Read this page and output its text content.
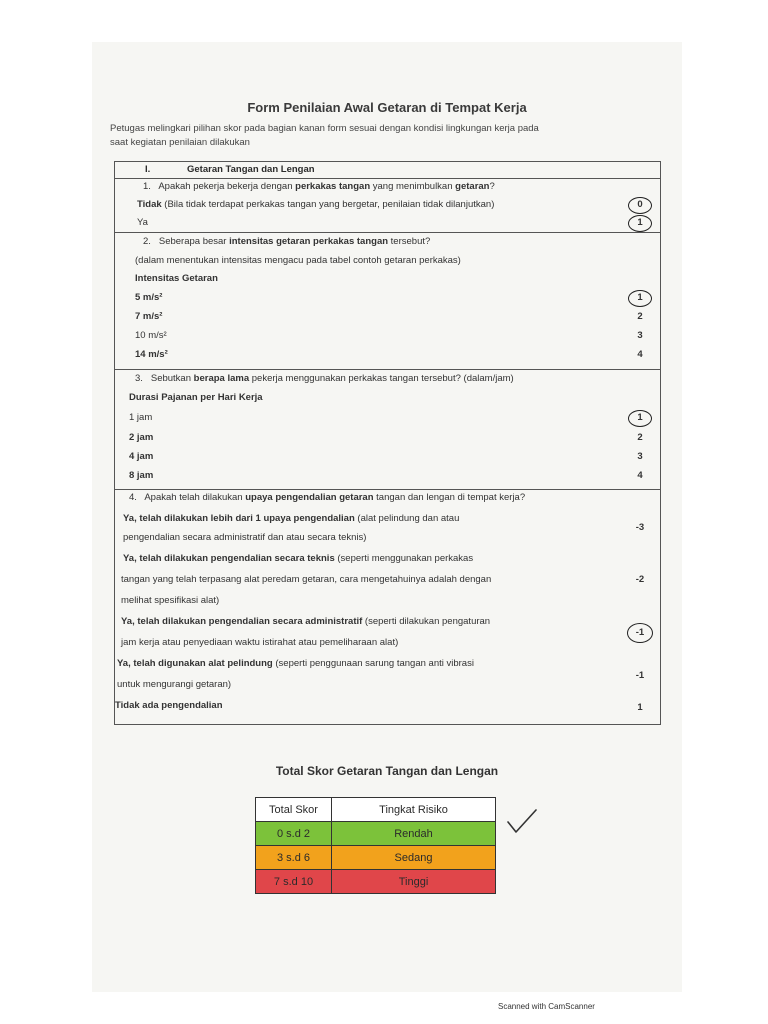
Form Penilaian Awal Getaran di Tempat Kerja
Petugas melingkari pilihan skor pada bagian kanan form sesuai dengan kondisi lingkungan kerja pada
saat kegiatan penilaian dilakukan
I.	Getaran Tangan dan Lengan
1. Apakah pekerja bekerja dengan perkakas tangan yang menimbulkan getaran?
Tidak (Bila tidak terdapat perkakas tangan yang bergetar, penilaian tidak dilanjutkan)	0
Ya	1
2. Seberapa besar intensitas getaran perkakas tangan tersebut?
(dalam menentukan intensitas mengacu pada tabel contoh getaran perkakas)
Intensitas Getaran
5 m/s²	1
7 m/s²	2
10 m/s²	3
14 m/s²	4
3. Sebutkan berapa lama pekerja menggunakan perkakas tangan tersebut? (dalam/jam)
Durasi Pajanan per Hari Kerja
1 jam	1
2 jam	2
4 jam	3
8 jam	4
4. Apakah telah dilakukan upaya pengendalian getaran tangan dan lengan di tempat kerja?
Ya, telah dilakukan lebih dari 1 upaya pengendalian (alat pelindung dan atau
pengendalian secara administratif dan atau secara teknis)
-3
Ya, telah dilakukan pengendalian secara teknis (seperti menggunakan perkakas
tangan yang telah terpasang alat peredam getaran, cara mengetahuinya adalah dengan
melihat spesifikasi alat)
-2
Ya, telah dilakukan pengendalian secara administratif (seperti dilakukan pengaturan
jam kerja atau penyediaan waktu istirahat atau pemeliharaan alat)
-1
Ya, telah digunakan alat pelindung (seperti penggunaan sarung tangan anti vibrasi
untuk mengurangi getaran)
-1
Tidak ada pengendalian	1
Total Skor Getaran Tangan dan Lengan
Total Skor	Tingkat Risiko
0 s.d 2	Rendah
3 s.d 6	Sedang
7 s.d 10	Tinggi
Scanned with CamScanner
